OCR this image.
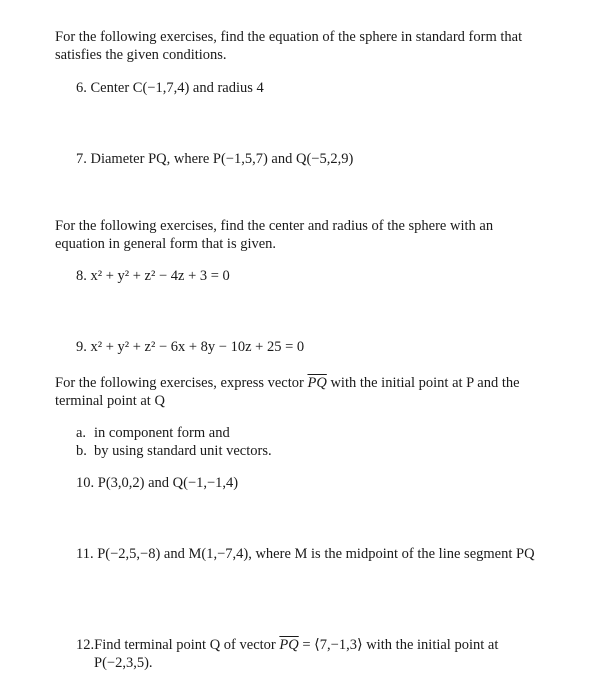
For the following exercises, find the equation of the sphere in standard form that
satisfies the given conditions.
6. Center C(−1,7,4) and radius 4
7. Diameter PQ, where P(−1,5,7) and Q(−5,2,9)
For the following exercises, find the center and radius of the sphere with an
equation in general form that is given.
8. x² + y² + z² − 4z + 3 = 0
9. x² + y² + z² − 6x + 8y − 10z + 25 = 0
For the following exercises, express vector $\overline{PQ}$ with the initial point at P and the
terminal point at Q
a. in component form and
b. by using standard unit vectors.
10. P(3,0,2) and Q(−1,−1,4)
11. P(−2,5,−8) and M(1,−7,4), where M is the midpoint of the line segment PQ
12.Find terminal point Q of vector $\overline{PQ}$ = ⟨7,−1,3⟩ with the initial point at
P(−2,3,5).
